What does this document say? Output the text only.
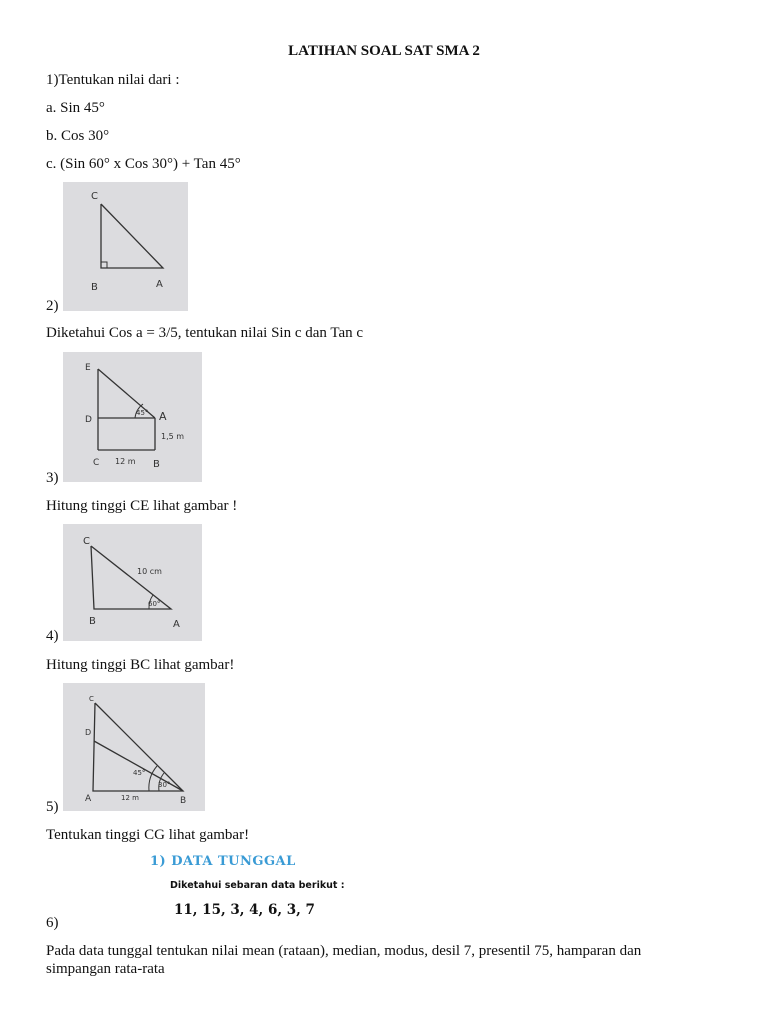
LATIHAN SOAL SAT SMA 2
1)Tentukan nilai dari :
a. Sin 45°
b. Cos 30°
c. (Sin 60° x Cos 30°) + Tan 45°
2)
C
B	A
Diketahui Cos a = 3/5, tentukan nilai Sin c dan Tan c
3)
E
D	A
45°
1,5 m
C 12 m B
Hitung tinggi CE lihat gambar !
4)
C
10 cm
60°
B	A
Hitung tinggi BC lihat gambar!
5)
C
D
45°
30°
A	12 m	B
Tentukan tinggi CG lihat gambar!
6)
1) DATA TUNGGAL
Diketahui sebaran data berikut :
11, 15, 3, 4, 6, 3, 7
Pada data tunggal tentukan nilai mean (rataan), median, modus, desil 7, presentil 75, hamparan dan simpangan rata-rata
